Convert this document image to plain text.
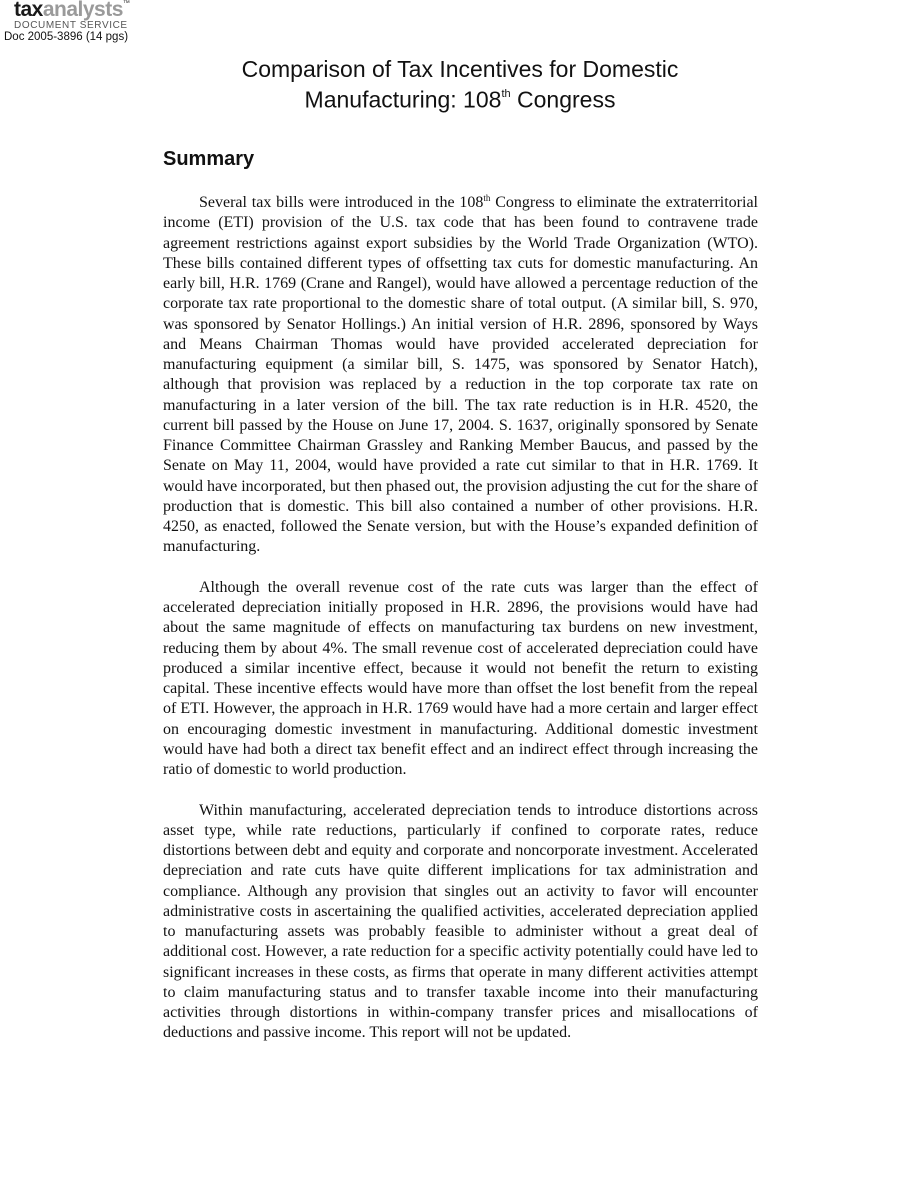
taxanalysts™
DOCUMENT SERVICE
Doc 2005-3896 (14 pgs)
Comparison of Tax Incentives for Domestic
Manufacturing: 108th Congress
Summary

Several tax bills were introduced in the 108th Congress to eliminate the extraterritorial income (ETI) provision of the U.S. tax code that has been found to contravene trade agreement restrictions against export subsidies by the World Trade Organization (WTO). These bills contained different types of offsetting tax cuts for domestic manufacturing. An early bill, H.R. 1769 (Crane and Rangel), would have allowed a percentage reduction of the corporate tax rate proportional to the domestic share of total output. (A similar bill, S. 970, was sponsored by Senator Hollings.) An initial version of H.R. 2896, sponsored by Ways and Means Chairman Thomas would have provided accelerated depreciation for manufacturing equipment (a similar bill, S. 1475, was sponsored by Senator Hatch), although that provision was replaced by a reduction in the top corporate tax rate on manufacturing in a later version of the bill. The tax rate reduction is in H.R. 4520, the current bill passed by the House on June 17, 2004. S. 1637, originally sponsored by Senate Finance Committee Chairman Grassley and Ranking Member Baucus, and passed by the Senate on May 11, 2004, would have provided a rate cut similar to that in H.R. 1769. It would have incorporated, but then phased out, the provision adjusting the cut for the share of production that is domestic. This bill also contained a number of other provisions. H.R. 4250, as enacted, followed the Senate version, but with the House’s expanded definition of manufacturing.

Although the overall revenue cost of the rate cuts was larger than the effect of accelerated depreciation initially proposed in H.R. 2896, the provisions would have had about the same magnitude of effects on manufacturing tax burdens on new investment, reducing them by about 4%. The small revenue cost of accelerated depreciation could have produced a similar incentive effect, because it would not benefit the return to existing capital. These incentive effects would have more than offset the lost benefit from the repeal of ETI. However, the approach in H.R. 1769 would have had a more certain and larger effect on encouraging domestic investment in manufacturing. Additional domestic investment would have had both a direct tax benefit effect and an indirect effect through increasing the ratio of domestic to world production.

Within manufacturing, accelerated depreciation tends to introduce distortions across asset type, while rate reductions, particularly if confined to corporate rates, reduce distortions between debt and equity and corporate and noncorporate investment. Accelerated depreciation and rate cuts have quite different implications for tax administration and compliance. Although any provision that singles out an activity to favor will encounter administrative costs in ascertaining the qualified activities, accelerated depreciation applied to manufacturing assets was probably feasible to administer without a great deal of additional cost. However, a rate reduction for a specific activity potentially could have led to significant increases in these costs, as firms that operate in many different activities attempt to claim manufacturing status and to transfer taxable income into their manufacturing activities through distortions in within-company transfer prices and misallocations of deductions and passive income. This report will not be updated.
